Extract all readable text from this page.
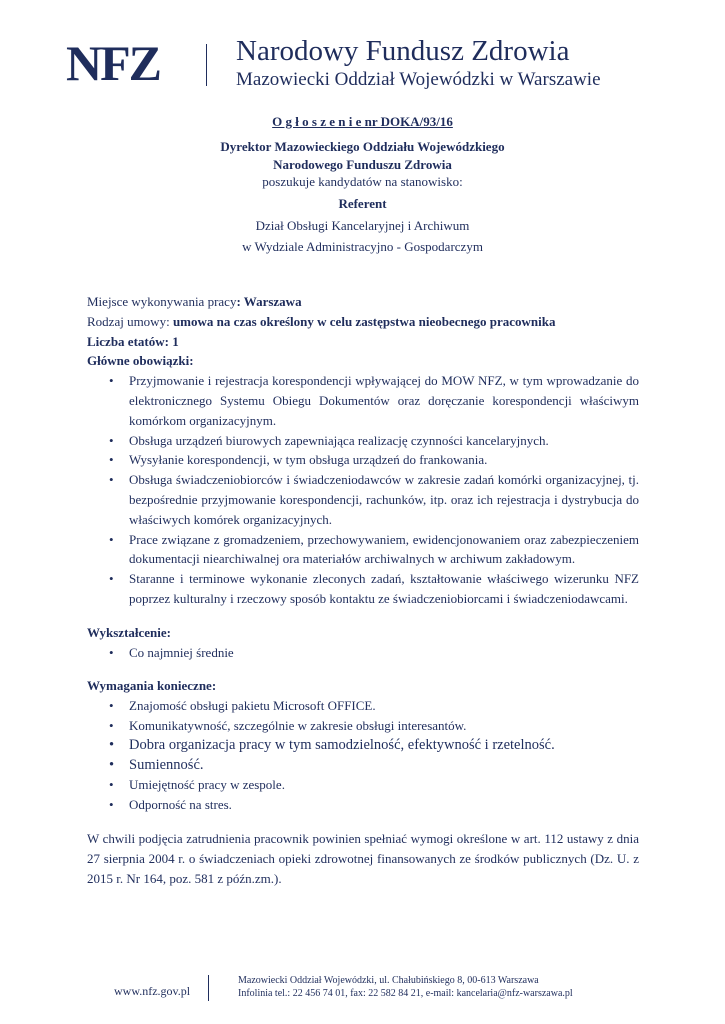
NFZ	Narodowy Fundusz Zdrowia
Mazowiecki Oddział Wojewódzki w Warszawie
O g ł o s z e n i e nr DOKA/93/16
Dyrektor Mazowieckiego Oddziału Wojewódzkiego
Narodowego Funduszu Zdrowia
poszukuje kandydatów na stanowisko:
Referent
Dział Obsługi Kancelaryjnej i Archiwum
w Wydziale Administracyjno - Gospodarczym

Miejsce wykonywania pracy: Warszawa

Rodzaj umowy: umowa na czas określony w celu zastępstwa nieobecnego pracownika

Liczba etatów: 1

Główne obowiązki:

• Przyjmowanie i rejestracja korespondencji wpływającej do MOW NFZ, w tym wprowadzanie do elektronicznego Systemu Obiegu Dokumentów oraz doręczanie korespondencji właściwym komórkom organizacyjnym.
• Obsługa urządzeń biurowych zapewniająca realizację czynności kancelaryjnych.
• Wysyłanie korespondencji, w tym obsługa urządzeń do frankowania.
• Obsługa świadczeniobiorców i świadczeniodawców w zakresie zadań komórki organizacyjnej, tj. bezpośrednie przyjmowanie korespondencji, rachunków, itp. oraz ich rejestracja i dystrybucja do właściwych komórek organizacyjnych.
• Prace związane z gromadzeniem, przechowywaniem, ewidencjonowaniem oraz zabezpieczeniem dokumentacji niearchiwalnej ora materiałów archiwalnych w archiwum zakładowym.
• Staranne i terminowe wykonanie zleconych zadań, kształtowanie właściwego wizerunku NFZ poprzez kulturalny i rzeczowy sposób kontaktu ze świadczeniobiorcami i świadczeniodawcami.

Wykształcenie:

• Co najmniej średnie

Wymagania konieczne:

• Znajomość obsługi pakietu Microsoft OFFICE.
• Komunikatywność, szczególnie w zakresie obsługi interesantów.
• Dobra organizacja pracy w tym samodzielność, efektywność i rzetelność.
• Sumienność.
• Umiejętność pracy w zespole.
• Odporność na stres.

W chwili podjęcia zatrudnienia pracownik powinien spełniać wymogi określone w art. 112 ustawy z dnia 27 sierpnia 2004 r. o świadczeniach opieki zdrowotnej finansowanych ze środków publicznych (Dz. U. z 2015 r. Nr 164, poz. 581 z późn.zm.).

www.nfz.gov.pl
Mazowiecki Oddział Wojewódzki, ul. Chałubińskiego 8, 00-613 Warszawa
Infolinia tel.: 22 456 74 01, fax: 22 582 84 21, e-mail: kancelaria@nfz-warszawa.pl
